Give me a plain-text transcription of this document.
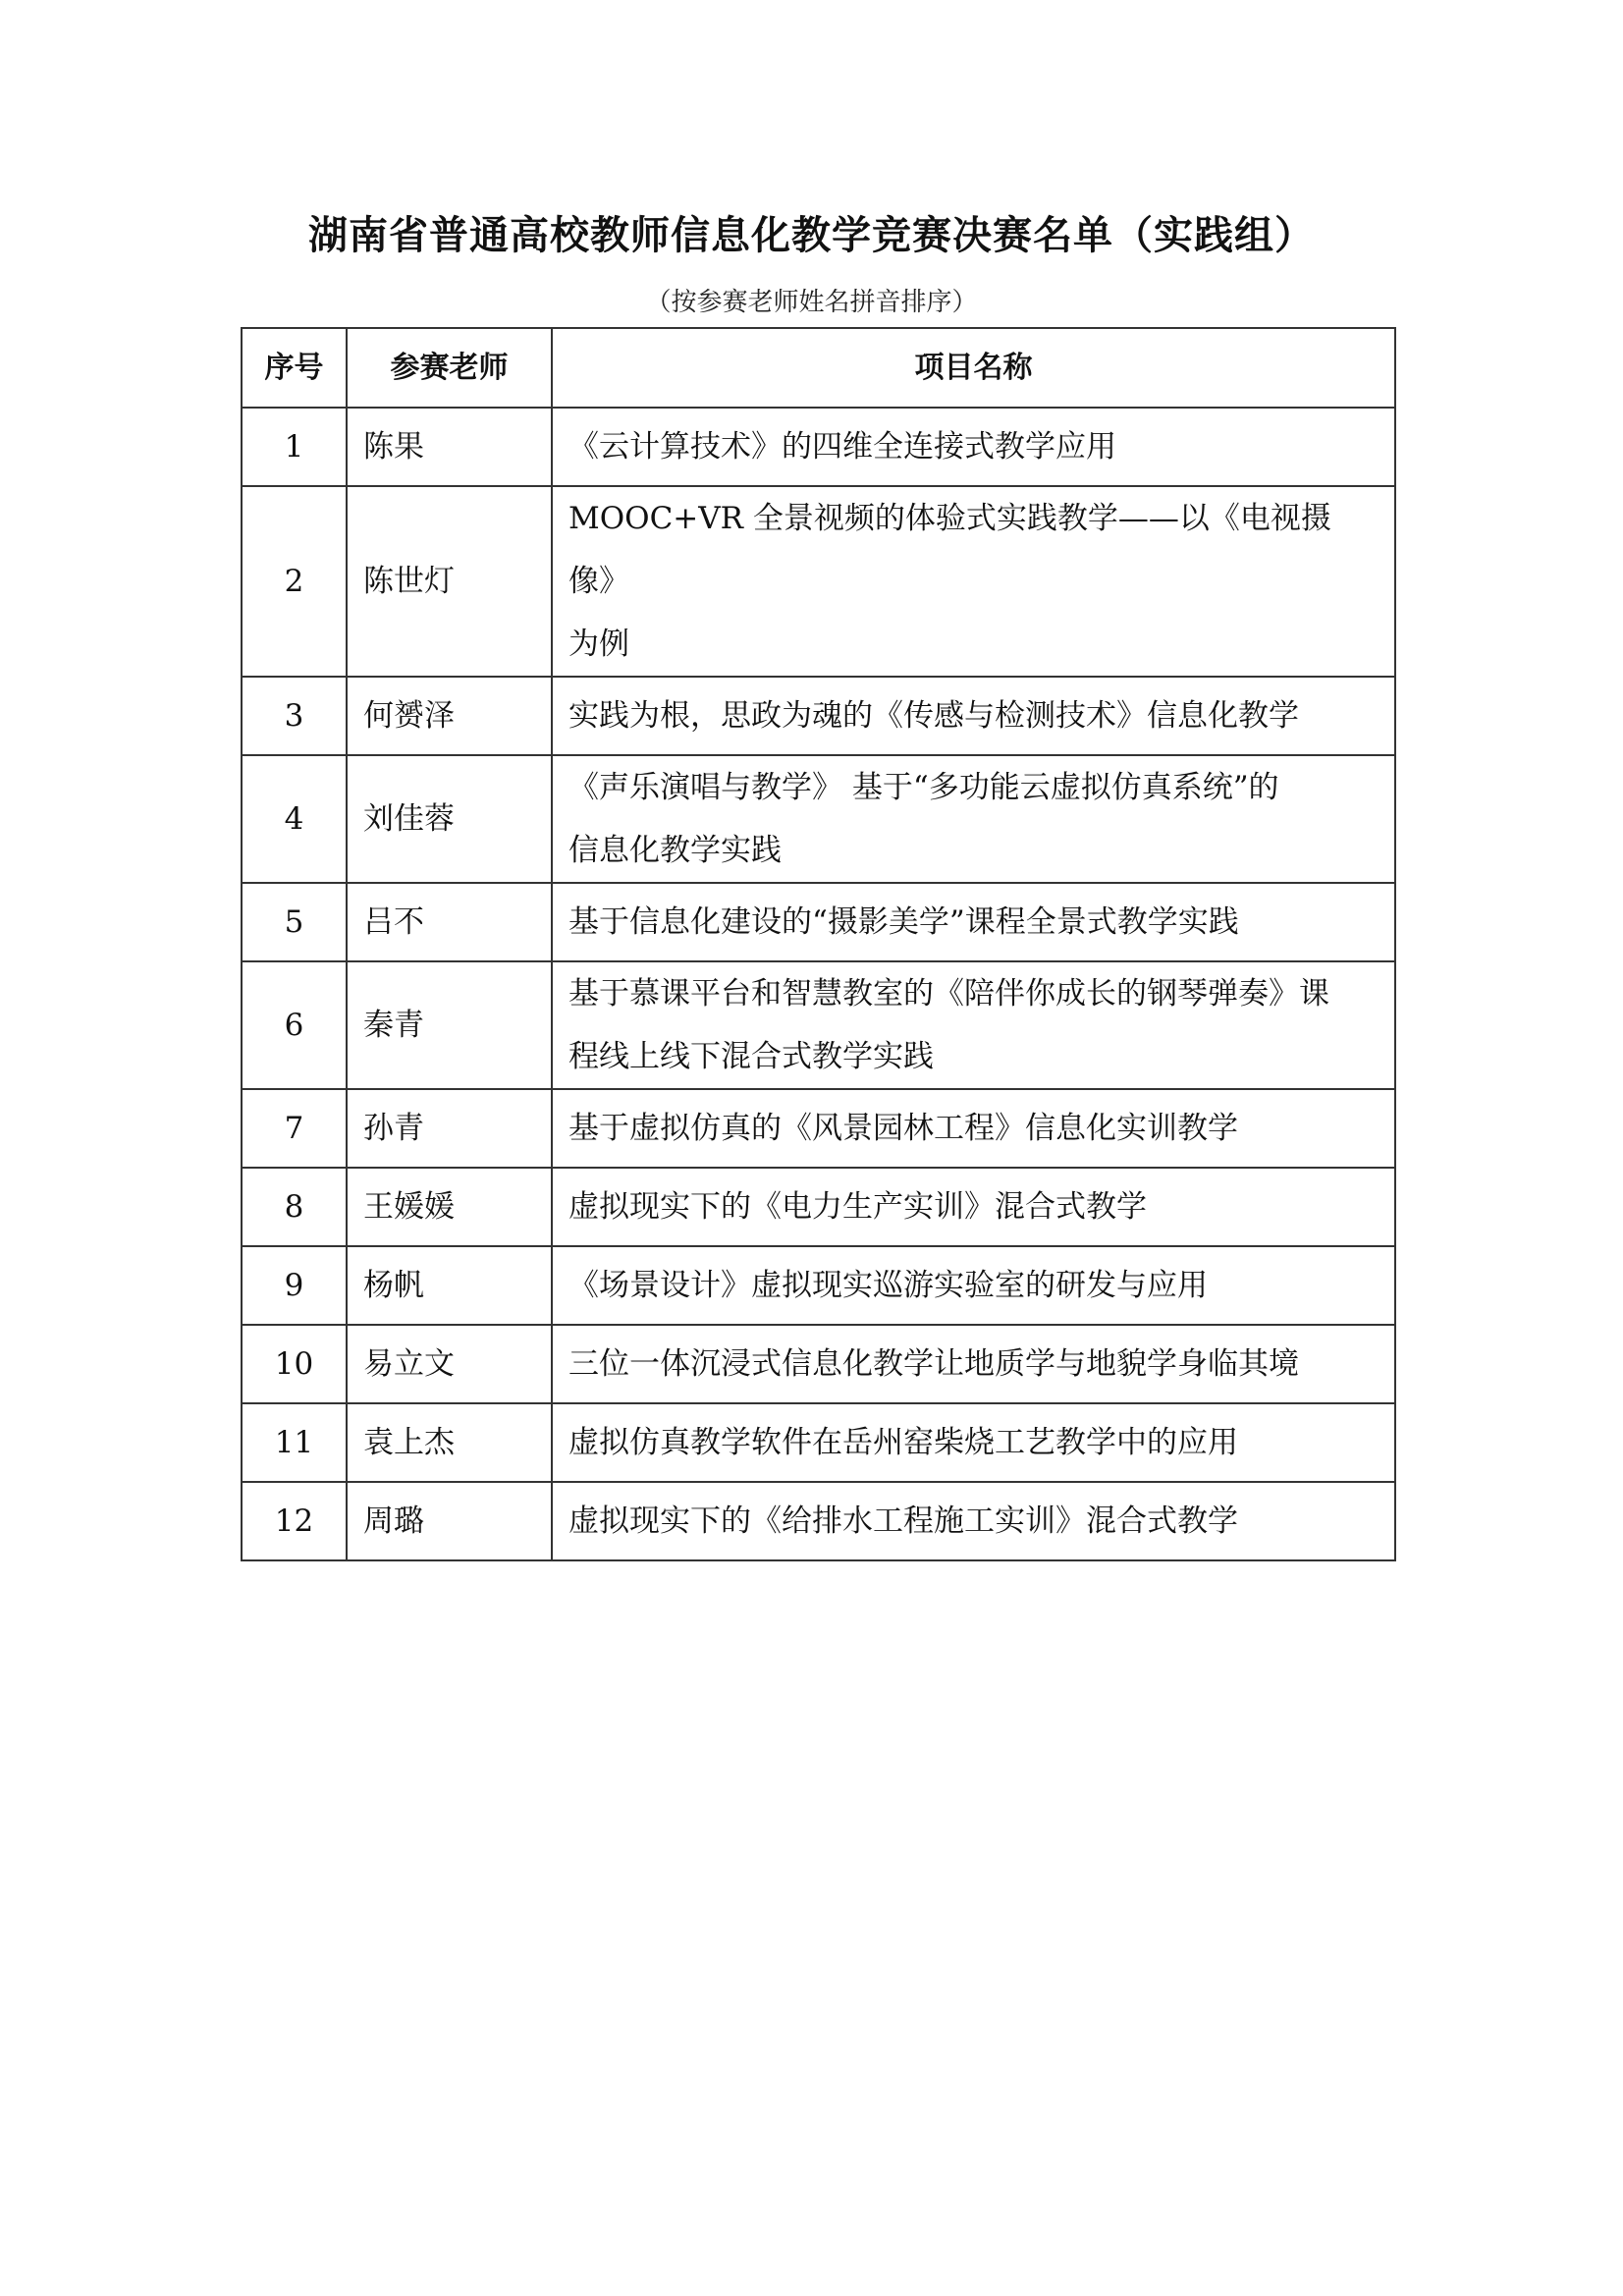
湖南省普通高校教师信息化教学竞赛决赛名单（实践组）
（按参赛老师姓名拼音排序）
序号	参赛老师	项目名称
1	陈果	《云计算技术》的四维全连接式教学应用
2	陈世灯	MOOC+VR 全景视频的体验式实践教学——以《电视摄像》
为例
3	何赟泽	实践为根，思政为魂的《传感与检测技术》信息化教学
4	刘佳蓉	《声乐演唱与教学》 基于“多功能云虚拟仿真系统”的
信息化教学实践
5	吕不	基于信息化建设的“摄影美学”课程全景式教学实践
6	秦青	基于慕课平台和智慧教室的《陪伴你成长的钢琴弹奏》课
程线上线下混合式教学实践
7	孙青	基于虚拟仿真的《风景园林工程》信息化实训教学
8	王媛媛	虚拟现实下的《电力生产实训》混合式教学
9	杨帆	《场景设计》虚拟现实巡游实验室的研发与应用
10	易立文	三位一体沉浸式信息化教学让地质学与地貌学身临其境
11	袁上杰	虚拟仿真教学软件在岳州窑柴烧工艺教学中的应用
12	周璐	虚拟现实下的《给排水工程施工实训》混合式教学
